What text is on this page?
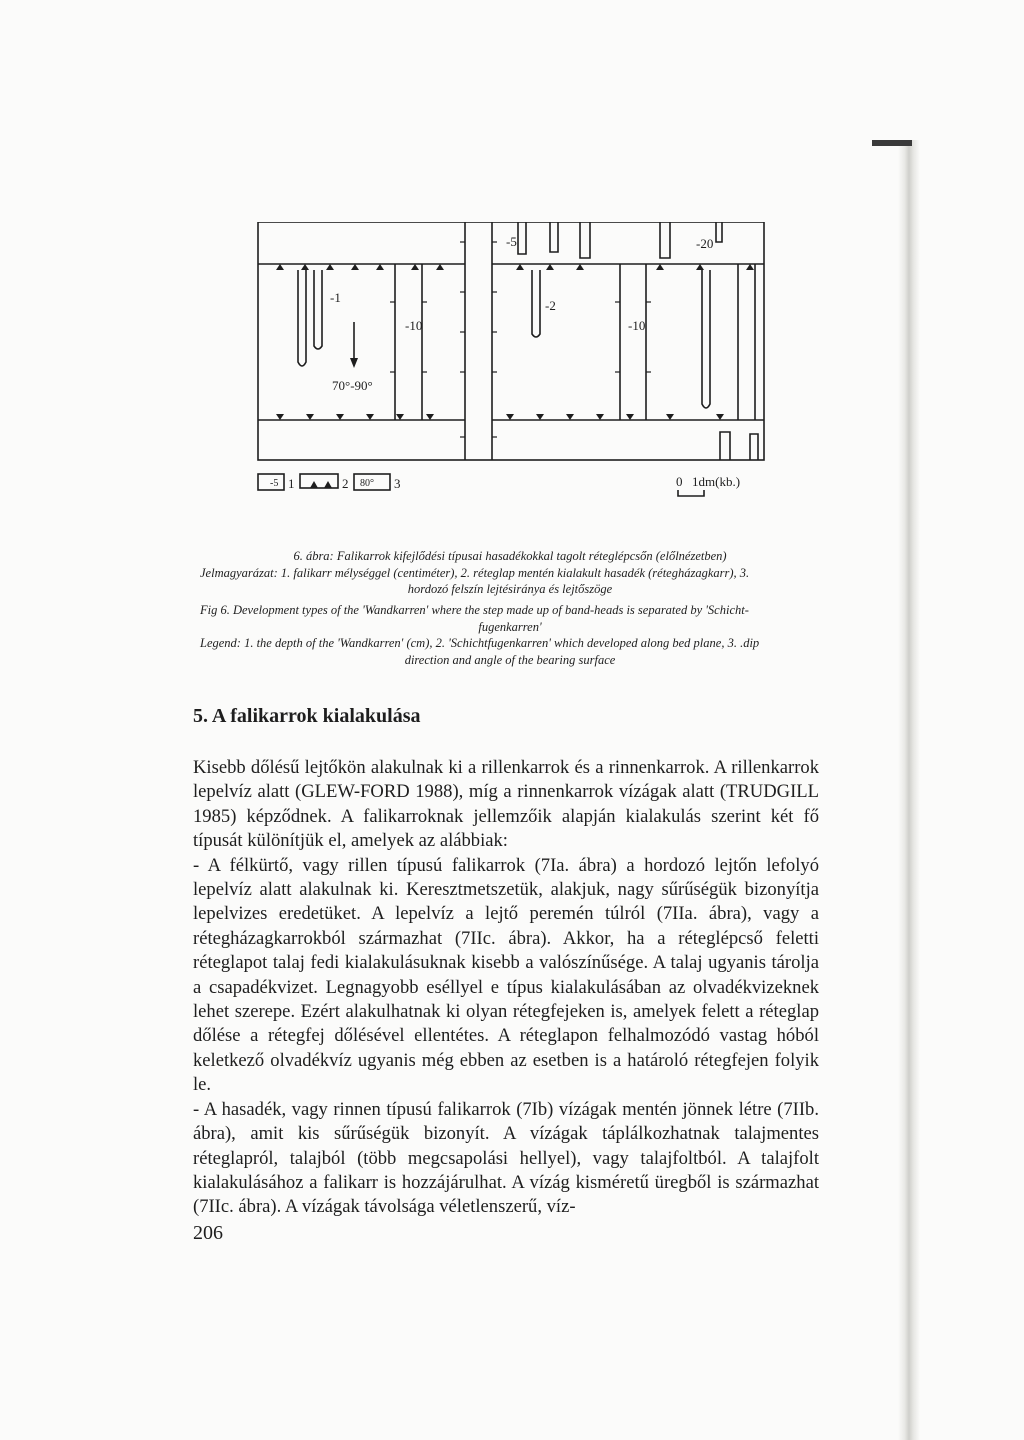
-5	-20
-1
-10
-2
-10
70°-90°
-5 1	2 80° 3	0 1dm(kb.)
6. ábra: Falikarrok kifejlődési típusai hasadékokkal tagolt réteglépcsőn (előlnézetben)
Jelmagyarázat: 1. falikarr mélységgel (centiméter), 2. réteglap mentén kialakult hasadék (rétegházagkarr), 3.
hordozó felszín lejtésiránya és lejtőszöge
Fig 6. Development types of the 'Wandkarren' where the step made up of band-heads is separated by 'Schicht-
fugenkarren'
Legend: 1. the depth of the 'Wandkarren' (cm), 2. 'Schichtfugenkarren' which developed along bed plane, 3. .dip
direction and angle of the bearing surface
5. A falikarrok kialakulása

Kisebb dőlésű lejtőkön alakulnak ki a rillenkarrok és a rinnenkarrok. A rillenkarrok lepelvíz alatt (GLEW-FORD 1988), míg a rinnenkarrok vízágak alatt (TRUDGILL 1985) képződnek. A falikarroknak jellemzőik alapján kialakulás szerint két fő típusát különítjük el, amelyek az alábbiak:

- A félkürtő, vagy rillen típusú falikarrok (7Ia. ábra) a hordozó lejtőn lefolyó lepelvíz alatt alakulnak ki. Keresztmetszetük, alakjuk, nagy sűrűségük bizonyítja lepelvizes eredetüket. A lepelvíz a lejtő peremén túlról (7IIa. ábra), vagy a rétegházagkarrokból származhat (7IIc. ábra). Akkor, ha a réteglépcső feletti réteglapot talaj fedi kialakulásuknak kisebb a valószínűsége. A talaj ugyanis tárolja a csapadékvizet. Legnagyobb eséllyel e típus kialakulásában az olvadékvizeknek lehet szerepe. Ezért alakulhatnak ki olyan rétegfejeken is, amelyek felett a réteglap dőlése a rétegfej dőlésével ellentétes. A réteglapon felhalmozódó vastag hóból keletkező olvadékvíz ugyanis még ebben az esetben is a határoló rétegfejen folyik le.

- A hasadék, vagy rinnen típusú falikarrok (7Ib) vízágak mentén jönnek létre (7IIb. ábra), amit kis sűrűségük bizonyít. A vízágak táplálkozhatnak talajmentes réteglapról, talajból (több megcsapolási hellyel), vagy talajfoltból. A talajfolt kialakulásához a falikarr is hozzájárulhat. A vízág kisméretű üregből is származhat (7IIc. ábra). A vízágak távolsága véletlenszerű, víz-

206
